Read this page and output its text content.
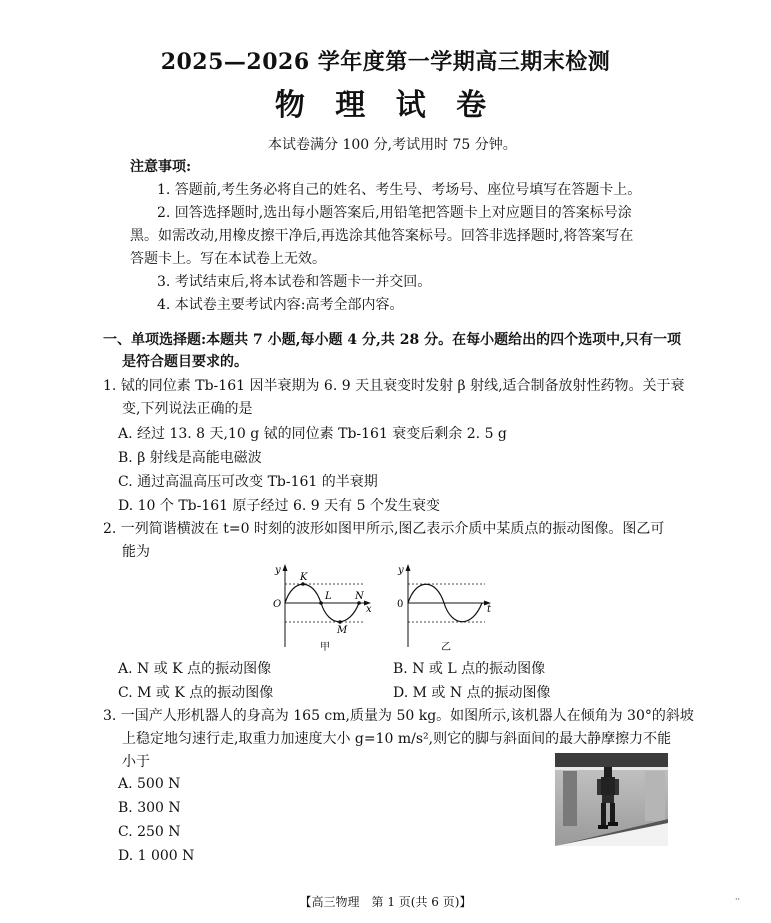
2025—2026 学年度第一学期高三期末检测
物 理 试 卷
本试卷满分 100 分,考试用时 75 分钟。
注意事项:
1. 答题前,考生务必将自己的姓名、考生号、考场号、座位号填写在答题卡上。
2. 回答选择题时,选出每小题答案后,用铅笔把答题卡上对应题目的答案标号涂
黑。如需改动,用橡皮擦干净后,再选涂其他答案标号。回答非选择题时,将答案写在
答题卡上。写在本试卷上无效。
3. 考试结束后,将本试卷和答题卡一并交回。
4. 本试卷主要考试内容:高考全部内容。
一、单项选择题:本题共 7 小题,每小题 4 分,共 28 分。在每小题给出的四个选项中,只有一项
是符合题目要求的。
1. 铽的同位素 Tb-161 因半衰期为 6. 9 天且衰变时发射 β 射线,适合制备放射性药物。关于衰
变,下列说法正确的是
A. 经过 13. 8 天,10 g 铽的同位素 Tb-161 衰变后剩余 2. 5 g
B. β 射线是高能电磁波
C. 通过高温高压可改变 Tb-161 的半衰期
D. 10 个 Tb-161 原子经过 6. 9 天有 5 个发生衰变
2. 一列简谐横波在 t=0 时刻的波形如图甲所示,图乙表示介质中某质点的振动图像。图乙可
能为
y
O
K
L
M
N
x
甲
y
0	t
乙
A. N 或 K 点的振动图像	B. N 或 L 点的振动图像
C. M 或 K 点的振动图像	D. M 或 N 点的振动图像
3. 一国产人形机器人的身高为 165 cm,质量为 50 kg。如图所示,该机器人在倾角为 30°的斜坡
上稳定地匀速行走,取重力加速度大小 g=10 m/s²,则它的脚与斜面间的最大静摩擦力不能
小于
A. 500 N
B. 300 N
C. 250 N
D. 1 000 N
【高三物理　第 1 页(共 6 页)】	··
